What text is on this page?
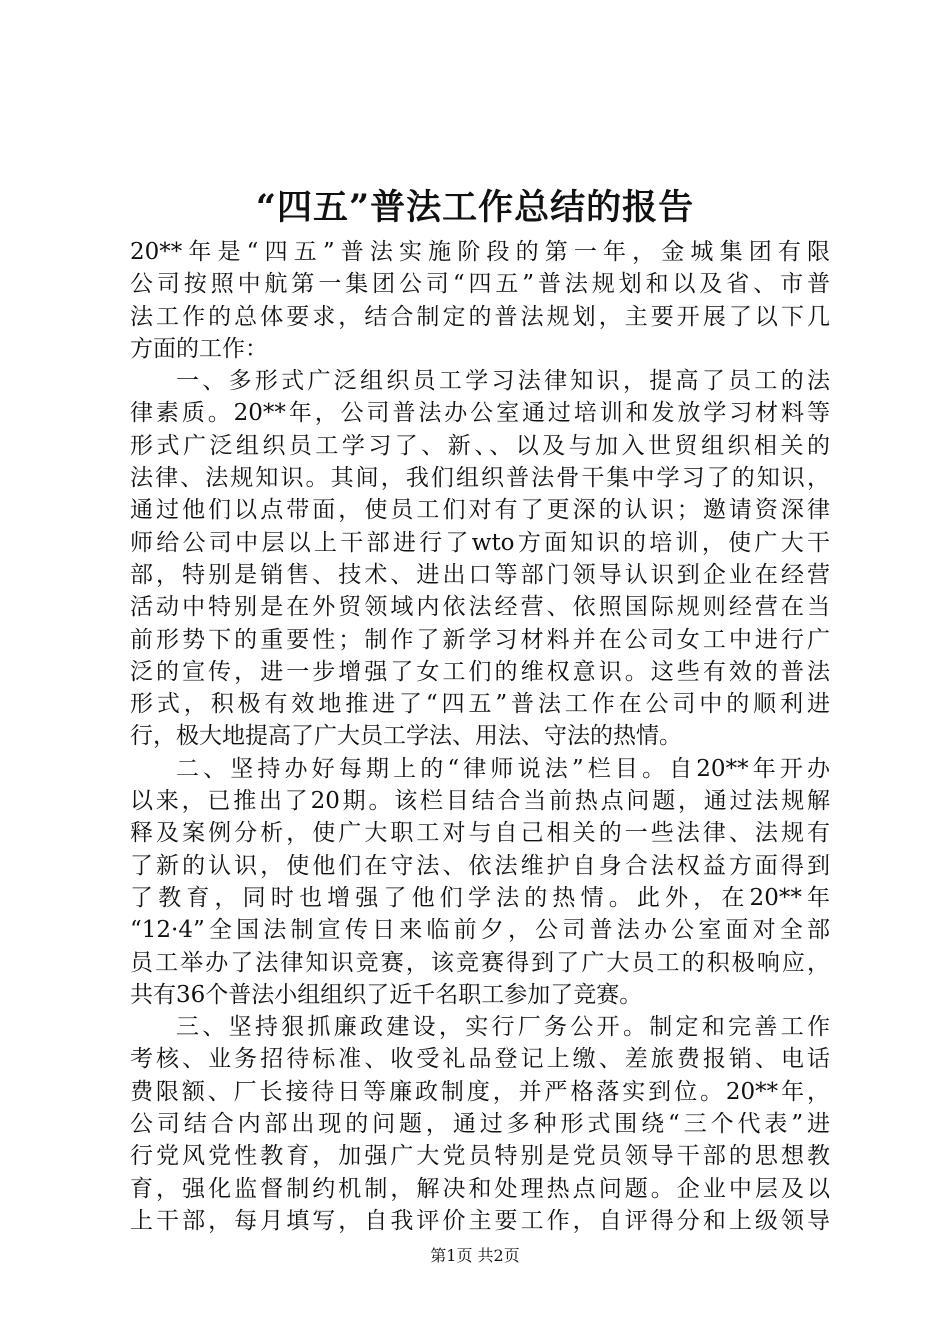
“四五”普法工作总结的报告
20**年是“四五”普法实施阶段的第一年，金城集团有限
公司按照中航第一集团公司“四五”普法规划和以及省、市普
法工作的总体要求，结合制定的普法规划，主要开展了以下几
方面的工作：
一、多形式广泛组织员工学习法律知识，提高了员工的法
律素质。20**年，公司普法办公室通过培训和发放学习材料等
形式广泛组织员工学习了、新、、以及与加入世贸组织相关的
法律、法规知识。其间，我们组织普法骨干集中学习了的知识，
通过他们以点带面，使员工们对有了更深的认识；邀请资深律
师给公司中层以上干部进行了wto方面知识的培训，使广大干
部，特别是销售、技术、进出口等部门领导认识到企业在经营
活动中特别是在外贸领域内依法经营、依照国际规则经营在当
前形势下的重要性；制作了新学习材料并在公司女工中进行广
泛的宣传，进一步增强了女工们的维权意识。这些有效的普法
形式，积极有效地推进了“四五”普法工作在公司中的顺利进
行，极大地提高了广大员工学法、用法、守法的热情。
二、坚持办好每期上的“律师说法”栏目。自20**年开办
以来，已推出了20期。该栏目结合当前热点问题，通过法规解
释及案例分析，使广大职工对与自己相关的一些法律、法规有
了新的认识，使他们在守法、依法维护自身合法权益方面得到
了教育，同时也增强了他们学法的热情。此外，在20**年
“12·4”全国法制宣传日来临前夕，公司普法办公室面对全部
员工举办了法律知识竞赛，该竞赛得到了广大员工的积极响应，
共有36个普法小组组织了近千名职工参加了竞赛。
三、坚持狠抓廉政建设，实行厂务公开。制定和完善工作
考核、业务招待标准、收受礼品登记上缴、差旅费报销、电话
费限额、厂长接待日等廉政制度，并严格落实到位。20**年，
公司结合内部出现的问题，通过多种形式围绕“三个代表”进
行党风党性教育，加强广大党员特别是党员领导干部的思想教
育，强化监督制约机制，解决和处理热点问题。企业中层及以
上干部，每月填写，自我评价主要工作，自评得分和上级领导
第1页 共2页
